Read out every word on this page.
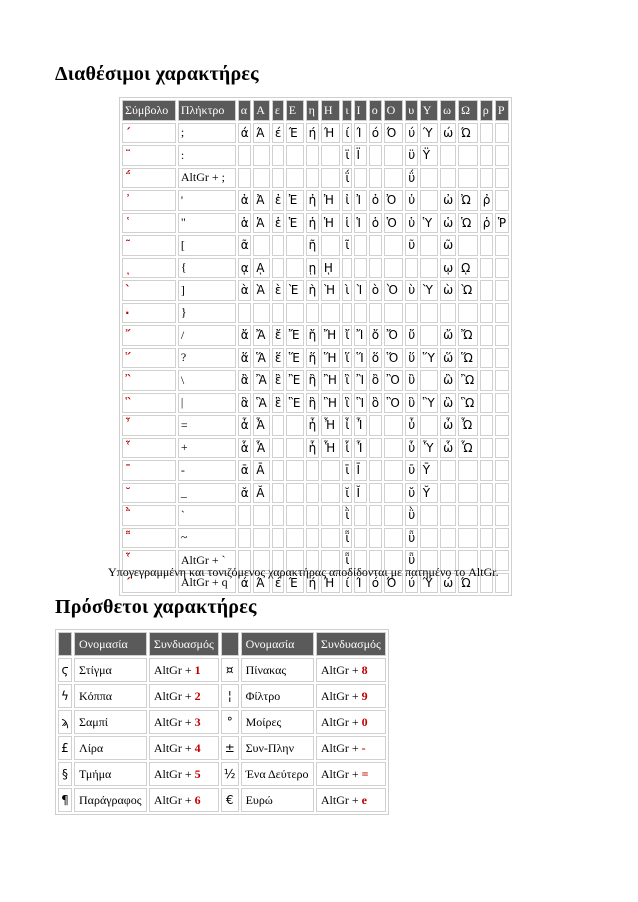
Διαθέσιμοι χαρακτήρες
Σύμβολο	Πλήκτρο	α	Α	ε	Ε	η	Η	ι	Ι	ο	Ο	υ	Υ	ω	Ω	ρ	Ρ
΄	;	ά	Ά	έ	Έ	ή	Ή	ί	Ί	ό	Ό	ύ	Ύ	ώ	Ώ		
¨	:							ϊ	Ϊ			ϋ	Ϋ				
΅	AltGr + ;							ΐ				ΰ					
᾿	'	ἀ	Ἀ	ἐ	Ἐ	ἠ	Ἠ	ἰ	Ἰ	ὀ	Ὀ	ὐ		ὠ	Ὠ	ῤ	
῾	"	ἁ	Ἁ	ἑ	Ἑ	ἡ	Ἡ	ἱ	Ἱ	ὁ	Ὁ	ὑ	Ὑ	ὡ	Ὡ	ῥ	Ῥ
῀	[	ᾶ				ῆ		ῖ				ῦ		ῶ			
ͺ	{	ᾳ	ᾼ			ῃ	ῌ							ῳ	ῼ		
`	]	ὰ	Ὰ	ὲ	Ὲ	ὴ	Ὴ	ὶ	Ὶ	ὸ	Ὸ	ὺ	Ὺ	ὼ	Ὼ		
·	}																
῎	/	ἄ	Ἄ	ἔ	Ἔ	ἤ	Ἤ	ἴ	Ἴ	ὄ	Ὄ	ὔ		ὤ	Ὤ		
῞	?	ἅ	Ἅ	ἕ	Ἕ	ἥ	Ἥ	ἵ	Ἵ	ὅ	Ὅ	ὕ	Ὕ	ὥ	Ὥ		
῍	\	ἂ	Ἂ	ἒ	Ἒ	ἢ	Ἢ	ἲ	Ἲ	ὂ	Ὂ	ὒ		ὢ	Ὢ		
῝	|	ἃ	Ἃ	ἓ	Ἓ	ἣ	Ἣ	ἳ	Ἳ	ὃ	Ὃ	ὓ	Ὓ	ὣ	Ὣ		
῏	=	ἆ	Ἆ			ἦ	Ἦ	ἶ	Ἶ			ὖ		ὦ	Ὦ		
῟	+	ἇ	Ἇ			ἧ	Ἧ	ἷ	Ἷ			ὗ	Ὗ	ὧ	Ὧ		
¯	-	ᾱ	Ᾱ					ῑ	Ῑ			ῡ	Ῡ				
˘	_	ᾰ	Ᾰ					ῐ	Ῐ			ῠ	Ῠ				
῭	`							ῒ				ῢ					
῁	~							ῗ				ῧ					
῟	AltGr + `							ῗ				ῧ					
΄	AltGr + q	ά	Ά	έ	Έ	ή	Ή	ί	Ί	ό	Ό	ύ	Ύ	ώ	Ώ		
Υπογεγραμμένη και τονιζόμενος χαρακτήρας αποδίδονται με πατημένο το AltGr.
Πρόσθετοι χαρακτήρες
	Ονομασία	Συνδυασμός		Ονομασία	Συνδυασμός
ϛ	Στίγμα	AltGr + 1	¤	Πίνακας	AltGr + 8
ϟ	Κόππα	AltGr + 2	¦	Φίλτρο	AltGr + 9
ϡ	Σαμπί	AltGr + 3	°	Μοίρες	AltGr + 0
£	Λίρα	AltGr + 4	±	Συν-Πλην	AltGr + -
§	Τμήμα	AltGr + 5	½	Ένα Δεύτερο	AltGr + =
¶	Παράγραφος	AltGr + 6	€	Ευρώ	AltGr + e
